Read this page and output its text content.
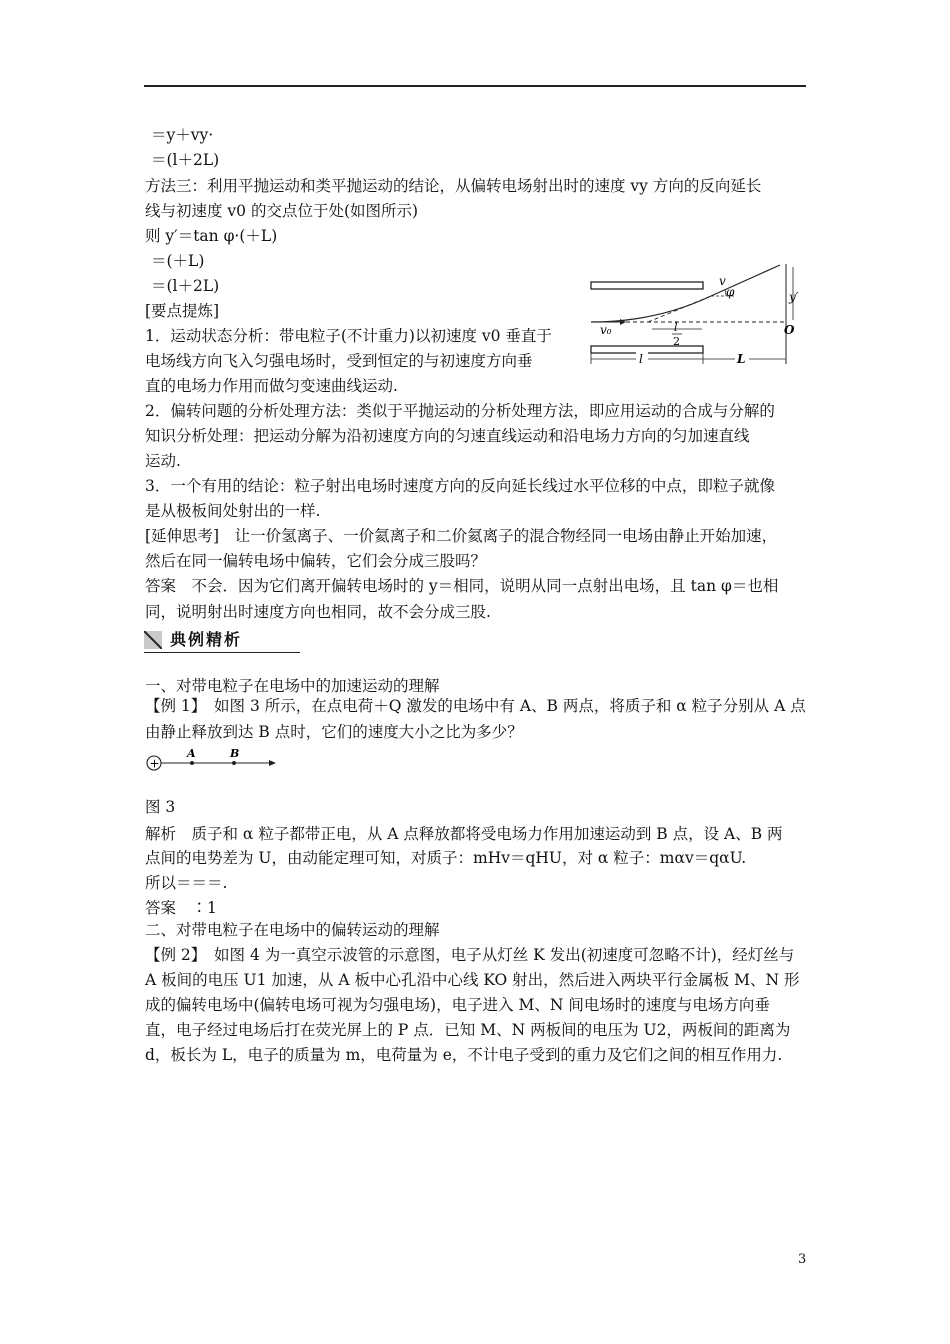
＝y＋vy·
＝(l＋2L)
方法三：利用平抛运动和类平抛运动的结论，从偏转电场射出时的速度 vy 方向的反向延长
线与初速度 v0 的交点位于处(如图所示)
则 y′＝tan φ·(＋L)
＝(＋L)
＝(l＋2L)
[要点提炼]
1．运动状态分析：带电粒子(不计重力)以初速度 v0 垂直于
电场线方向飞入匀强电场时，受到恒定的与初速度方向垂
直的电场力作用而做匀变速曲线运动.
2．偏转问题的分析处理方法：类似于平抛运动的分析处理方法，即应用运动的合成与分解的
知识分析处理：把运动分解为沿初速度方向的匀速直线运动和沿电场力方向的匀加速直线
运动.
3．一个有用的结论：粒子射出电场时速度方向的反向延长线过水平位移的中点，即粒子就像
是从极板间处射出的一样.
[延伸思考]　让一价氢离子、一价氦离子和二价氦离子的混合物经同一电场由静止开始加速，
然后在同一偏转电场中偏转，它们会分成三股吗？
答案　不会．因为它们离开偏转电场时的 y＝相同，说明从同一点射出电场，且 tan φ＝也相
同，说明射出时速度方向也相同，故不会分成三股.
典例精析
一、对带电粒子在电场中的加速运动的理解
【例 1】　如图 3 所示，在点电荷＋Q 激发的电场中有 A、B 两点，将质子和 α 粒子分别从 A 点
由静止释放到达 B 点时，它们的速度大小之比为多少？
图 3
解析　质子和 α 粒子都带正电，从 A 点释放都将受电场力作用加速运动到 B 点，设 A、B 两
点间的电势差为 U，由动能定理可知，对质子：mHv＝qHU，对 α 粒子：mαv＝qαU.
所以＝＝＝.
答案　∶1
二、对带电粒子在电场中的偏转运动的理解
【例 2】　如图 4 为一真空示波管的示意图，电子从灯丝 K 发出(初速度可忽略不计)，经灯丝与
A 板间的电压 U1 加速，从 A 板中心孔沿中心线 KO 射出，然后进入两块平行金属板 M、N 形
成的偏转电场中(偏转电场可视为匀强电场)，电子进入 M、N 间电场时的速度与电场方向垂
直，电子经过电场后打在荧光屏上的 P 点．已知 M、N 两板间的电压为 U2，两板间的距离为
d，板长为 L，电子的质量为 m，电荷量为 e，不计电子受到的重力及它们之间的相互作用力.
v
φ	y′
v₀	O
l
2
l	L
+
A	B
3
